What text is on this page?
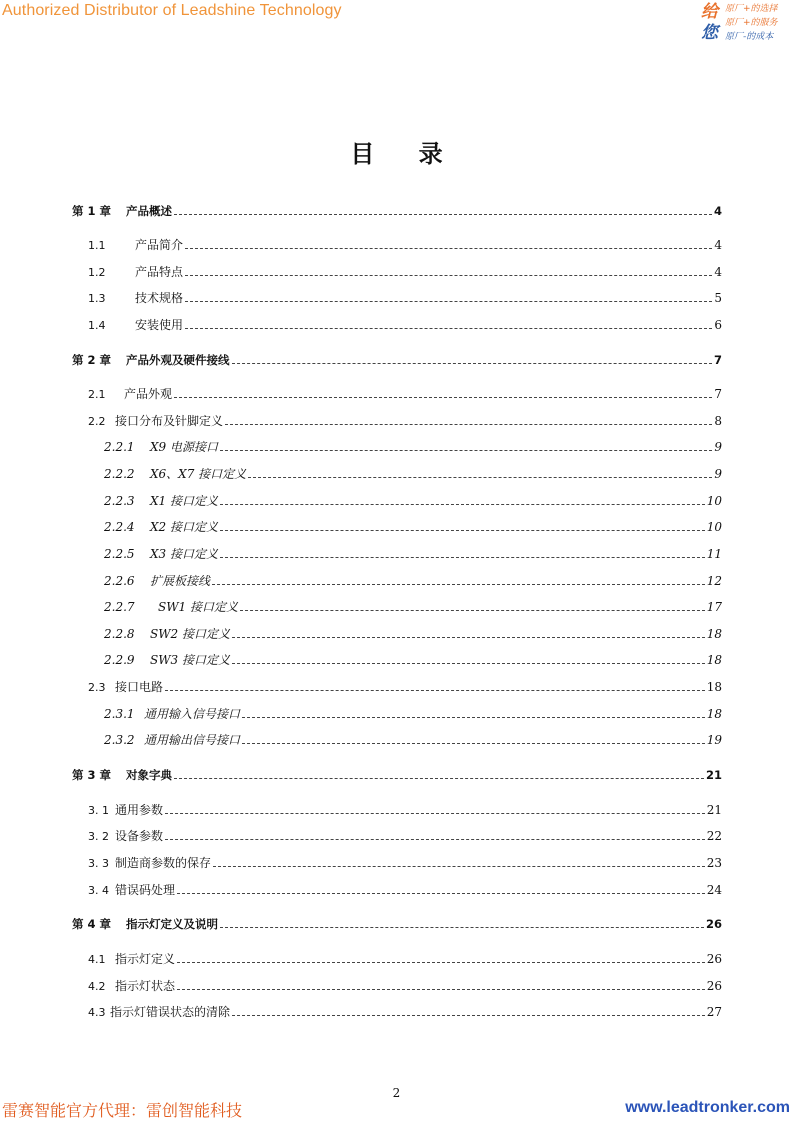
Authorized Distributor of Leadshine Technology	给
您
原厂+的选择
原厂+的服务
原厂-的成本
目 录
第 1 章	产品概述	4
1.1	产品简介	4
1.2	产品特点	4
1.3	技术规格	5
1.4	安装使用	6
第 2 章	产品外观及硬件接线	7
2.1	产品外观	7
2.2 接口分布及针脚定义	8
2.2.1	X9 电源接口	9
2.2.2	X6、X7 接口定义	9
2.2.3	X1 接口定义	10
2.2.4	X2 接口定义	10
2.2.5	X3 接口定义	11
2.2.6	扩展板接线	12
2.2.7	SW1 接口定义	17
2.2.8	SW2 接口定义	18
2.2.9	SW3 接口定义	18
2.3 接口电路	18
2.3.1 通用输入信号接口	18
2.3.2 通用输出信号接口	19
第 3 章	对象字典	21
3. 1 通用参数	21
3. 2 设备参数	22
3. 3 制造商参数的保存	23
3. 4 错误码处理	24
第 4 章	指示灯定义及说明	26
4.1 指示灯定义	26
4.2 指示灯状态	26
4.3 指示灯错误状态的清除	27
2
雷赛智能官方代理：雷创智能科技	www.leadtronker.com
